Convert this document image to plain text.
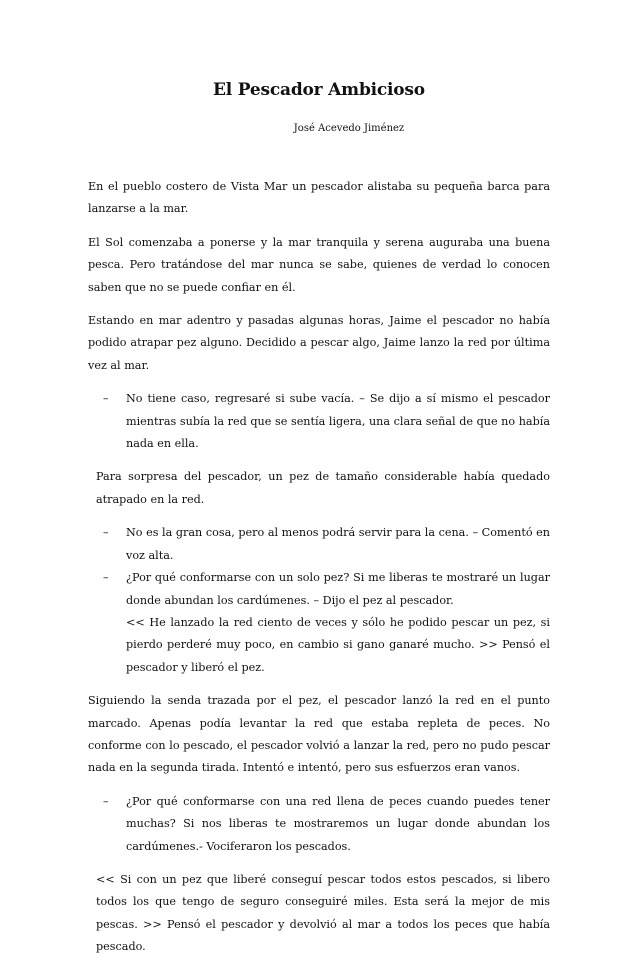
El Pescador Ambicioso
José Acevedo Jiménez

En el pueblo costero de Vista Mar un pescador alistaba su pequeña barca para lanzarse a la mar.

El Sol comenzaba a ponerse y la mar tranquila y serena auguraba una buena pesca. Pero tratándose del mar nunca se sabe, quienes de verdad lo conocen saben que no se puede confiar en él.

Estando en mar adentro y pasadas algunas horas, Jaime el pescador no había podido atrapar pez alguno. Decidido a pescar algo, Jaime lanzo la red por última vez al mar.

– No tiene caso, regresaré si sube vacía. – Se dijo a sí mismo el pescador mientras subía la red que se sentía ligera, una clara señal de que no había nada en ella.

Para sorpresa del pescador, un pez de tamaño considerable había quedado atrapado en la red.

– No es la gran cosa, pero al menos podrá servir para la cena. – Comentó en voz alta.
– ¿Por qué conformarse con un solo pez? Si me liberas te mostraré un lugar donde abundan los cardúmenes. – Dijo el pez al pescador.
<< He lanzado la red ciento de veces y sólo he podido pescar un pez, si pierdo perderé muy poco, en cambio si gano ganaré mucho. >> Pensó el pescador y liberó el pez.

Siguiendo la senda trazada por el pez, el pescador lanzó la red en el punto marcado. Apenas podía levantar la red que estaba repleta de peces. No conforme con lo pescado, el pescador volvió a lanzar la red, pero no pudo pescar nada en la segunda tirada. Intentó e intentó, pero sus esfuerzos eran vanos.

– ¿Por qué conformarse con una red llena de peces cuando puedes tener muchas? Si nos liberas te mostraremos un lugar donde abundan los cardúmenes.- Vociferaron los pescados.

<< Si con un pez que liberé conseguí pescar todos estos pescados, si libero todos los que tengo de seguro conseguiré miles. Esta será la mejor de mis pescas. >> Pensó el pescador y devolvió al mar a todos los peces que había pescado.
